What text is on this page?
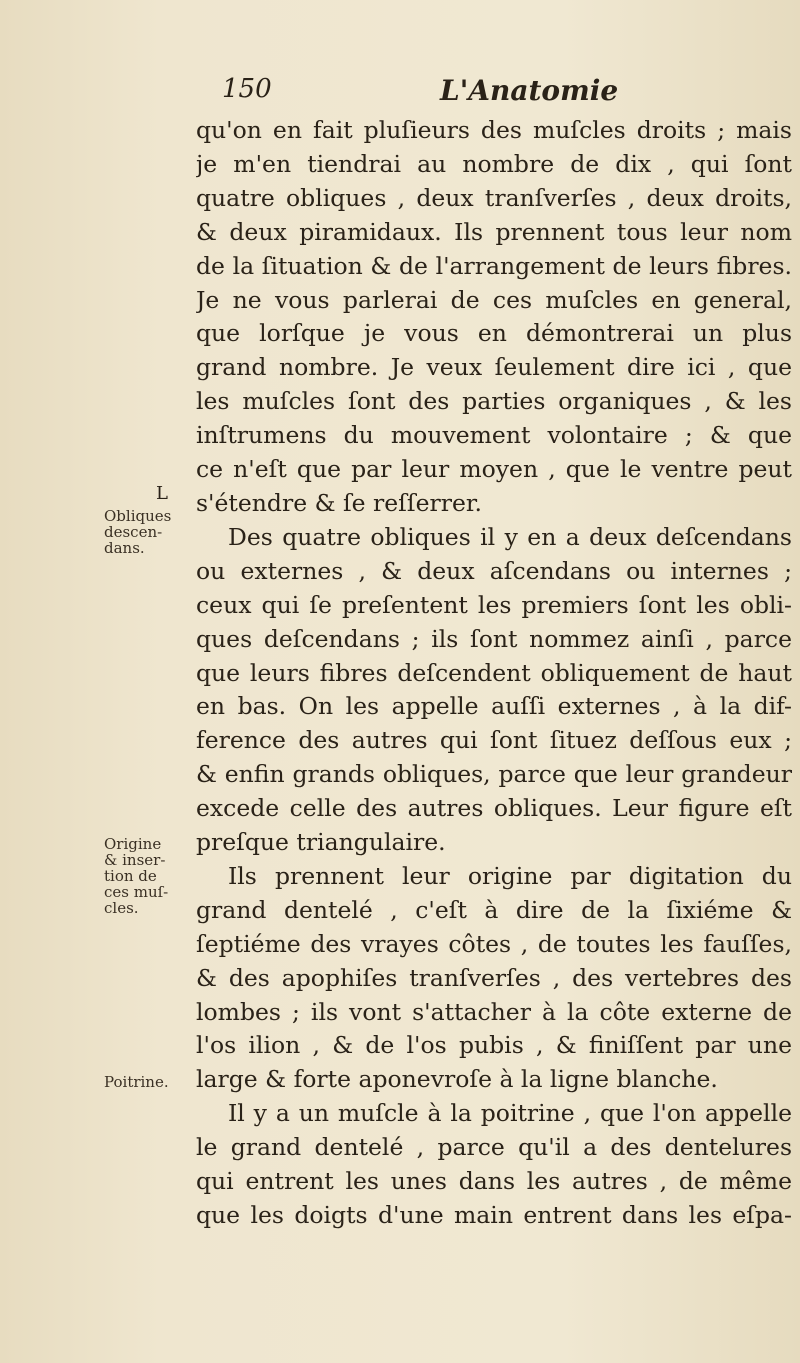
150	L'Anatomie
L
Obliques
descen-
dans.
Origine
& inser-
tion de
ces muſ-
cles.
Poitrine.
qu'on en fait pluſieurs des muſcles droits ; mais
je m'en tiendrai au nombre de dix , qui ſont
quatre obliques , deux tranſverſes , deux droits,
& deux piramidaux. Ils prennent tous leur nom
de la ſituation & de l'arrangement de leurs fibres.
Je ne vous parlerai de ces muſcles en general,
que lorſque je vous en démontrerai un plus
grand nombre. Je veux ſeulement dire ici , que
les muſcles ſont des parties organiques , & les
inſtrumens du mouvement volontaire ; & que
ce n'eſt que par leur moyen , que le ventre peut
s'étendre & ſe reſſerrer.
Des quatre obliques il y en a deux deſcendans
ou externes , & deux aſcendans ou internes ;
ceux qui ſe preſentent les premiers ſont les obli-
ques deſcendans ; ils ſont nommez ainſi , parce
que leurs fibres deſcendent obliquement de haut
en bas. On les appelle auſſi externes , à la dif-
ference des autres qui ſont ſituez deſſous eux ;
& enfin grands obliques, parce que leur grandeur
excede celle des autres obliques. Leur figure eſt
preſque triangulaire.
Ils prennent leur origine par digitation du
grand dentelé , c'eſt à dire de la ſixiéme &
ſeptiéme des vrayes côtes , de toutes les fauſſes,
& des apophiſes tranſverſes , des vertebres des
lombes ; ils vont s'attacher à la côte externe de
l'os ilion , & de l'os pubis , & finiſſent par une
large & forte aponevroſe à la ligne blanche.
Il y a un muſcle à la poitrine , que l'on appelle
le grand dentelé , parce qu'il a des dentelures
qui entrent les unes dans les autres , de même
que les doigts d'une main entrent dans les eſpa-
